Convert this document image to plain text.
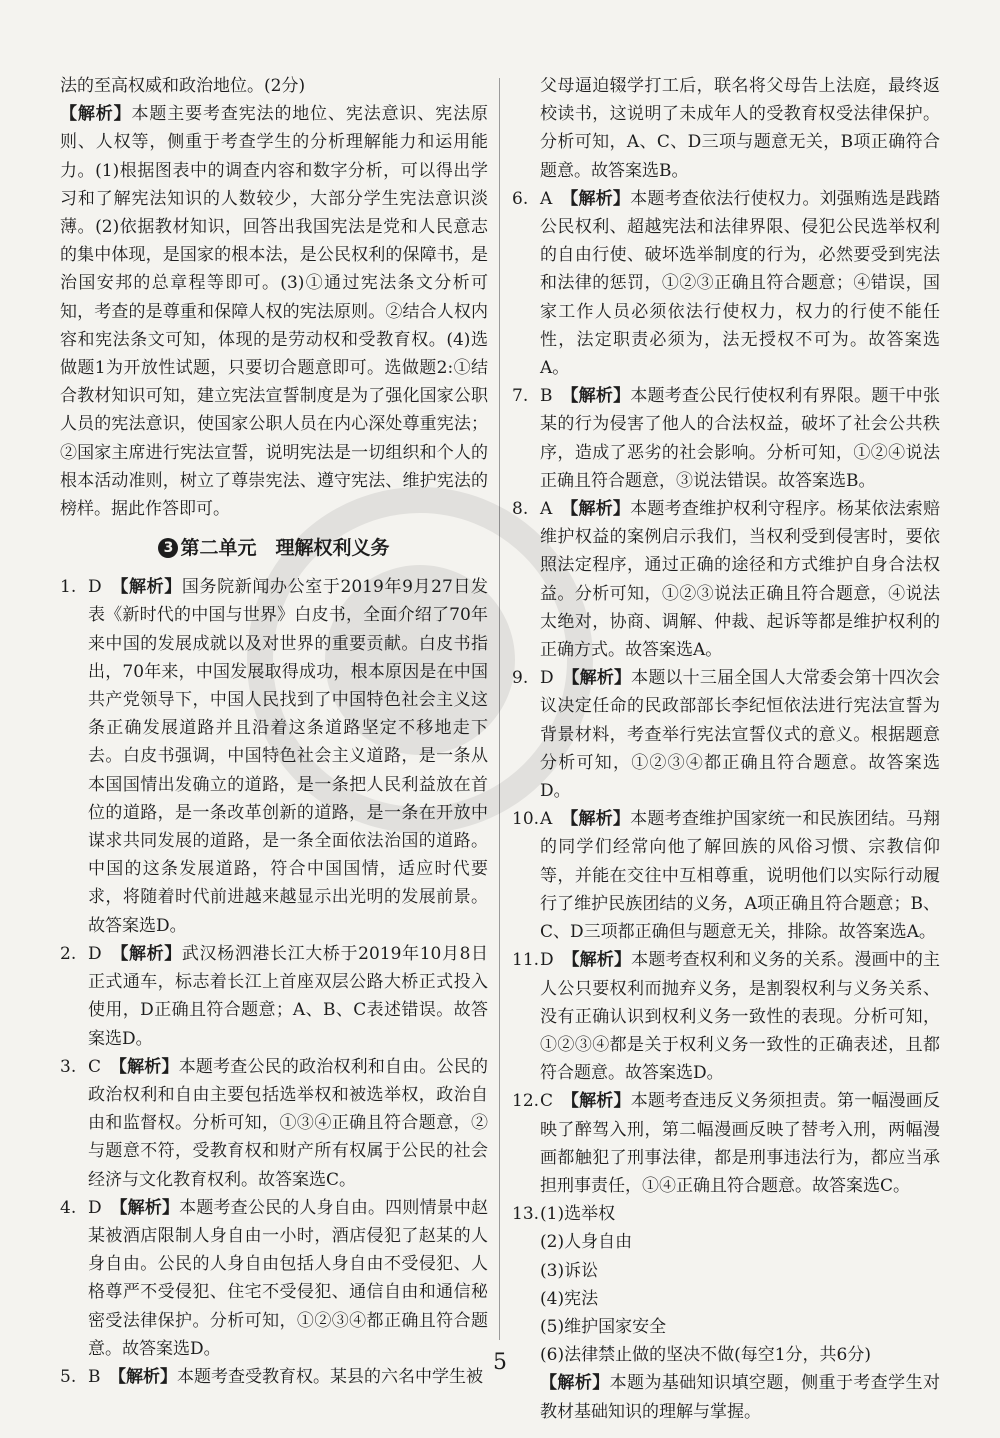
法的至高权威和政治地位。(2分)

【解析】本题主要考查宪法的地位、宪法意识、宪法原则、人权等，侧重于考查学生的分析理解能力和运用能力。(1)根据图表中的调查内容和数字分析，可以得出学习和了解宪法知识的人数较少，大部分学生宪法意识淡薄。(2)依据教材知识，回答出我国宪法是党和人民意志的集中体现，是国家的根本法，是公民权利的保障书，是治国安邦的总章程等即可。(3)①通过宪法条文分析可知，考查的是尊重和保障人权的宪法原则。②结合人权内容和宪法条文可知，体现的是劳动权和受教育权。(4)选做题1为开放性试题，只要切合题意即可。选做题2:①结合教材知识可知，建立宪法宣誓制度是为了强化国家公职人员的宪法意识，使国家公职人员在内心深处尊重宪法；②国家主席进行宪法宣誓，说明宪法是一切组织和个人的根本活动准则，树立了尊崇宪法、遵守宪法、维护宪法的榜样。据此作答即可。

3 第二单元　理解权利义务
1. D　 【解析】国务院新闻办公室于2019年9月27日发表《新时代的中国与世界》白皮书，全面介绍了70年来中国的发展成就以及对世界的重要贡献。白皮书指出，70年来，中国发展取得成功，根本原因是在中国共产党领导下，中国人民找到了中国特色社会主义这条正确发展道路并且沿着这条道路坚定不移地走下去。白皮书强调，中国特色社会主义道路，是一条从本国国情出发确立的道路，是一条把人民利益放在首位的道路，是一条改革创新的道路，是一条在开放中谋求共同发展的道路，是一条全面依法治国的道路。中国的这条发展道路，符合中国国情，适应时代要求，将随着时代前进越来越显示出光明的发展前景。故答案选D。
2. D　 【解析】武汉杨泗港长江大桥于2019年10月8日正式通车，标志着长江上首座双层公路大桥正式投入使用，D正确且符合题意；A、B、C表述错误。故答案选D。
3. C　 【解析】本题考查公民的政治权利和自由。公民的政治权利和自由主要包括选举权和被选举权，政治自由和监督权。分析可知，①③④正确且符合题意，②与题意不符，受教育权和财产所有权属于公民的社会经济与文化教育权利。故答案选C。
4. D　 【解析】本题考查公民的人身自由。四则情景中赵某被酒店限制人身自由一小时，酒店侵犯了赵某的人身自由。公民的人身自由包括人身自由不受侵犯、人格尊严不受侵犯、住宅不受侵犯、通信自由和通信秘密受法律保护。分析可知，①②③④都正确且符合题意。故答案选D。
5. B　 【解析】本题考查受教育权。某县的六名中学生被
父母逼迫辍学打工后，联名将父母告上法庭，最终返校读书，这说明了未成年人的受教育权受法律保护。分析可知，A、C、D三项与题意无关，B项正确符合题意。故答案选B。
6. A　 【解析】本题考查依法行使权力。刘强贿选是践踏公民权利、超越宪法和法律界限、侵犯公民选举权利的自由行使、破坏选举制度的行为，必然要受到宪法和法律的惩罚，①②③正确且符合题意；④错误，国家工作人员必须依法行使权力，权力的行使不能任性，法定职责必须为，法无授权不可为。故答案选A。
7. B　 【解析】本题考查公民行使权利有界限。题干中张某的行为侵害了他人的合法权益，破坏了社会公共秩序，造成了恶劣的社会影响。分析可知，①②④说法正确且符合题意，③说法错误。故答案选B。
8. A　 【解析】本题考查维护权利守程序。杨某依法索赔维护权益的案例启示我们，当权利受到侵害时，要依照法定程序，通过正确的途径和方式维护自身合法权益。分析可知，①②③说法正确且符合题意，④说法太绝对，协商、调解、仲裁、起诉等都是维护权利的正确方式。故答案选A。
9. D　 【解析】本题以十三届全国人大常委会第十四次会议决定任命的民政部部长李纪恒依法进行宪法宣誓为背景材料，考查举行宪法宣誓仪式的意义。根据题意分析可知，①②③④都正确且符合题意。故答案选D。
10.A　 【解析】本题考查维护国家统一和民族团结。马翔的同学们经常向他了解回族的风俗习惯、宗教信仰等，并能在交往中互相尊重，说明他们以实际行动履行了维护民族团结的义务，A项正确且符合题意；B、C、D三项都正确但与题意无关，排除。故答案选A。
11.D　 【解析】本题考查权利和义务的关系。漫画中的主人公只要权利而抛弃义务，是割裂权利与义务关系、没有正确认识到权利义务一致性的表现。分析可知，①②③④都是关于权利义务一致性的正确表述，且都符合题意。故答案选D。
12.C　 【解析】本题考查违反义务须担责。第一幅漫画反映了醉驾入刑，第二幅漫画反映了替考入刑，两幅漫画都触犯了刑事法律，都是刑事违法行为，都应当承担刑事责任，①④正确且符合题意。故答案选C。
13.(1)选举权

(2)人身自由

(3)诉讼

(4)宪法

(5)维护国家安全

(6)法律禁止做的坚决不做(每空1分，共6分)

【解析】本题为基础知识填空题，侧重于考查学生对教材基础知识的理解与掌握。

5
